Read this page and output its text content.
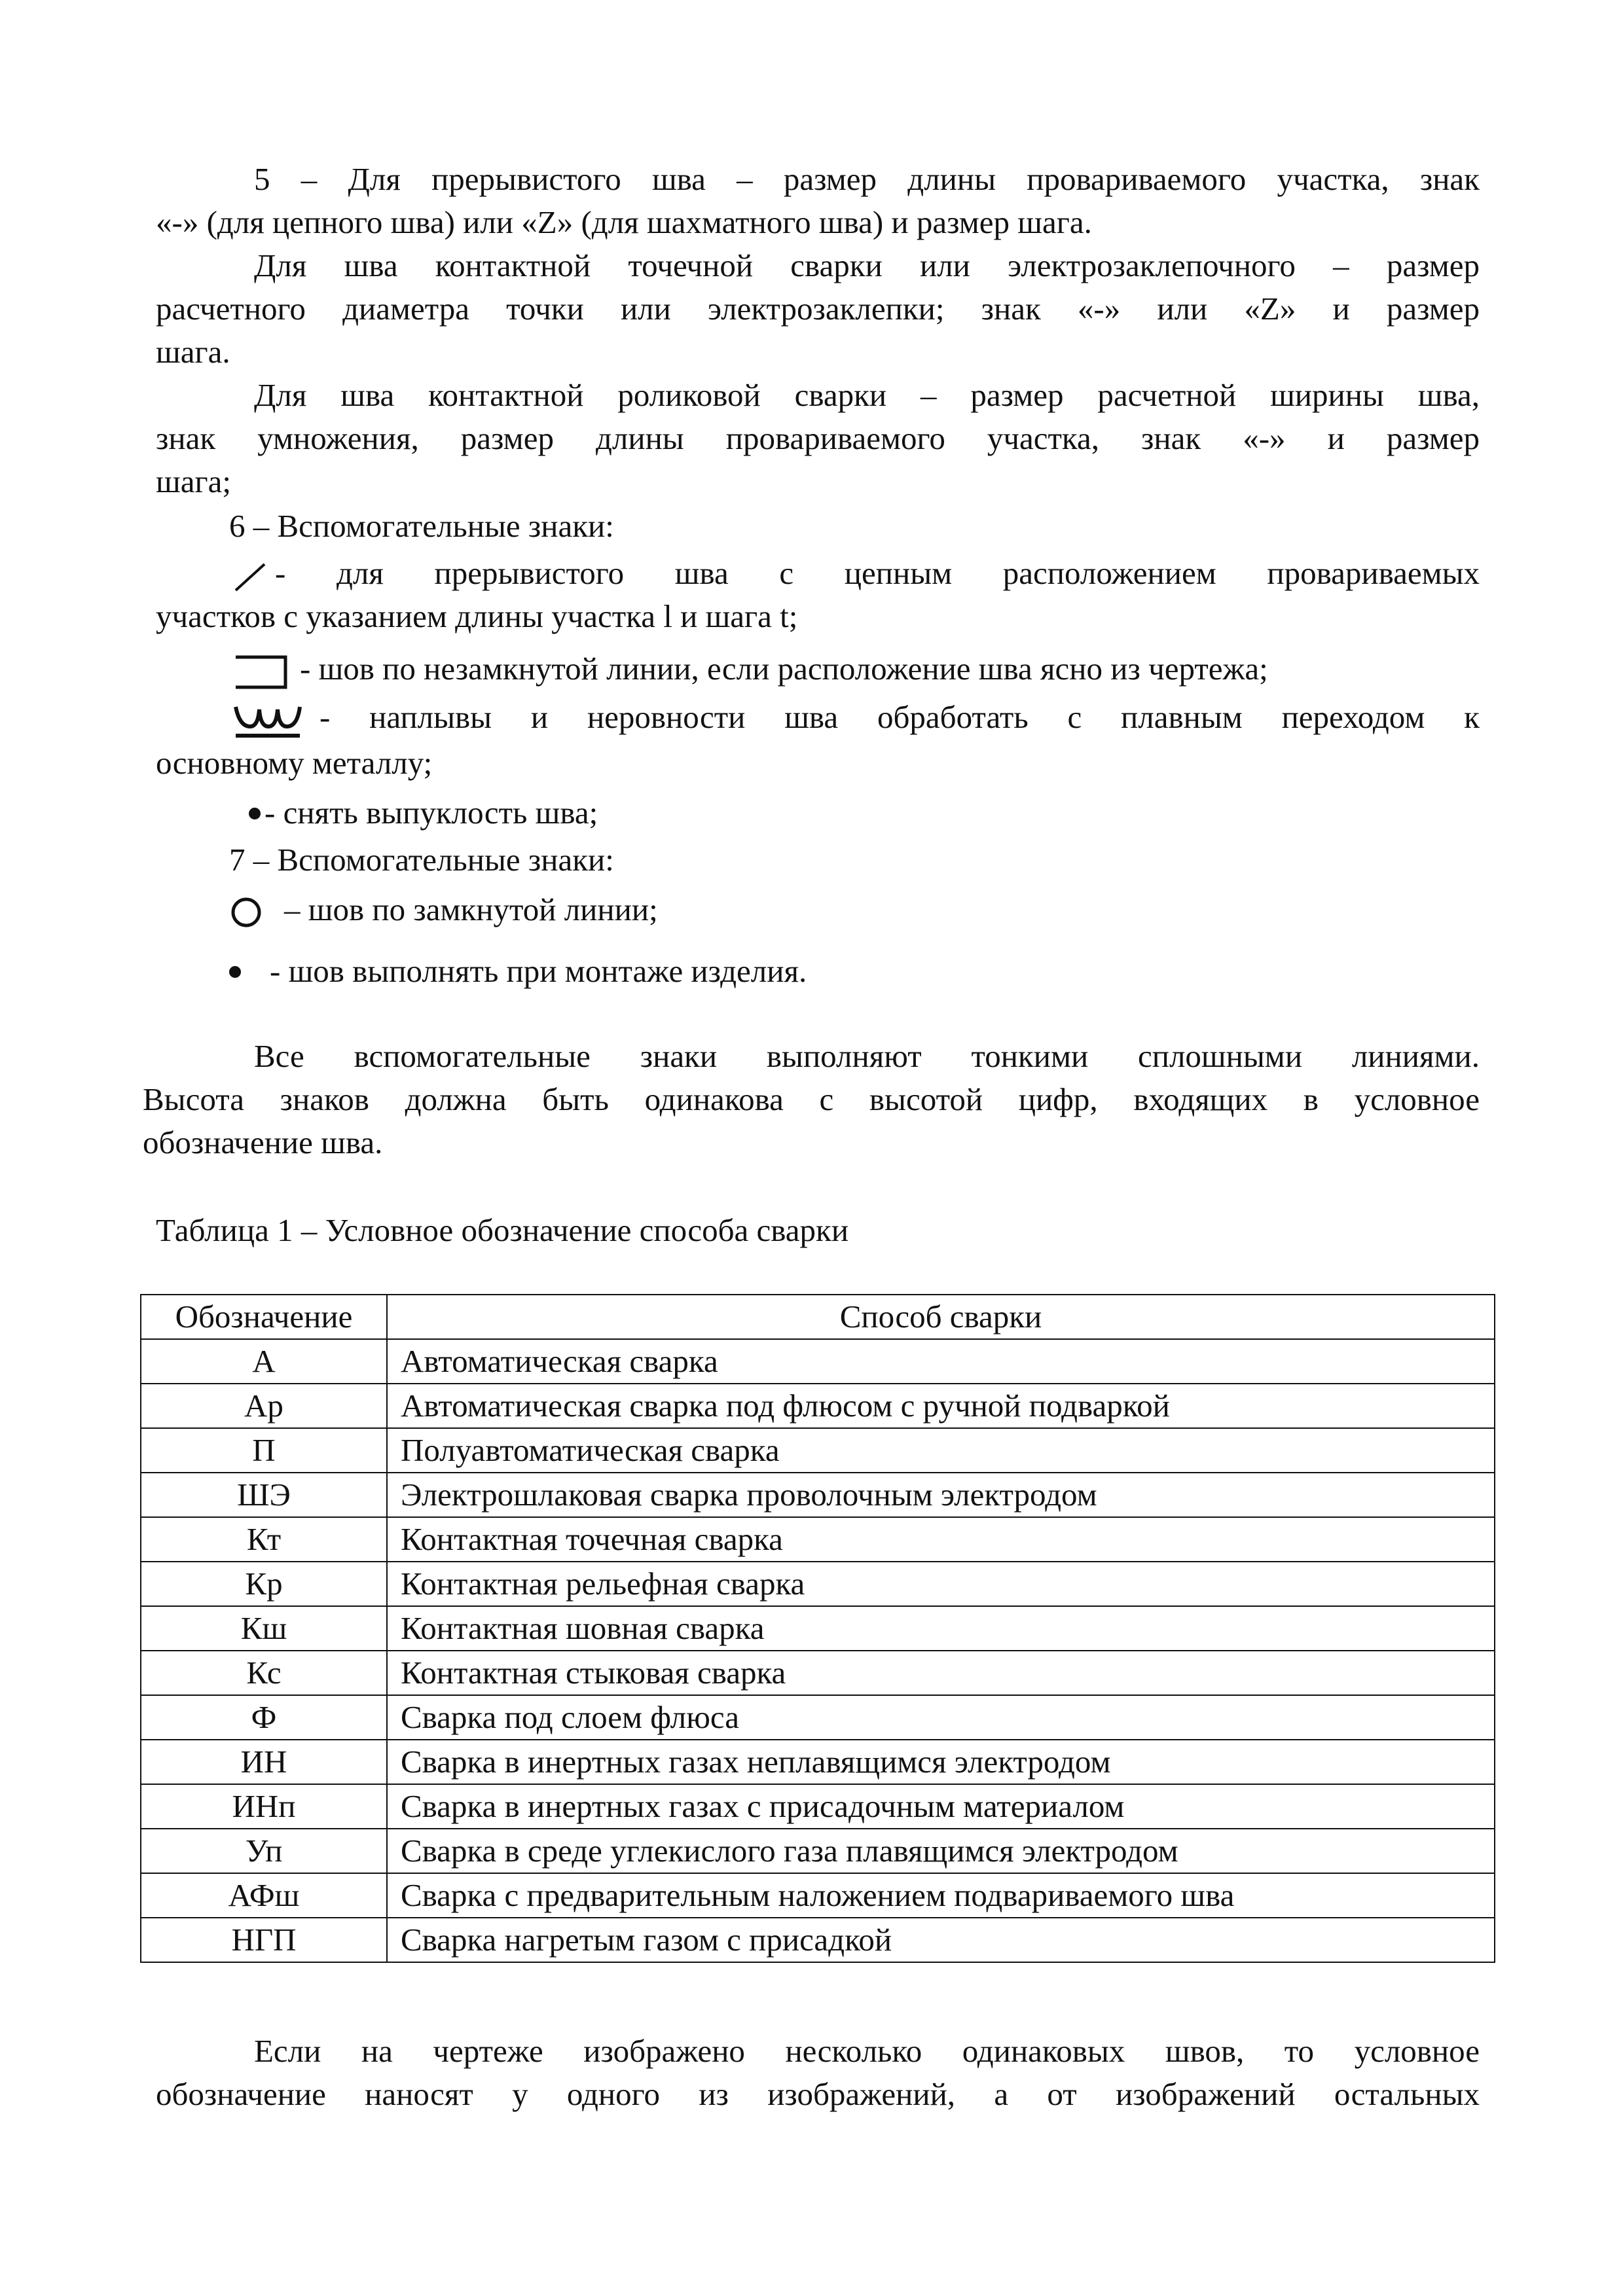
5 – Для прерывистого шва – размер длины провариваемого участка, знак
«-» (для цепного шва) или «Z» (для шахматного шва) и размер шага.
Для шва контактной точечной сварки или электрозаклепочного – размер
расчетного диаметра точки или электрозаклепки; знак «-» или «Z» и размер
шага.
Для шва контактной роликовой сварки – размер расчетной ширины шва,
знак умножения, размер длины провариваемого участка, знак «-» и размер
шага;
6 – Вспомогательные знаки:
- для прерывистого шва с цепным расположением провариваемых
участков с указанием длины участка l и шага t;
- шов по незамкнутой линии, если расположение шва ясно из чертежа;
- наплывы и неровности шва обработать с плавным переходом к
основному металлу;
- снять выпуклость шва;
7 – Вспомогательные знаки:
– шов по замкнутой линии;
- шов выполнять при монтаже изделия.
Все вспомогательные знаки выполняют тонкими сплошными линиями.
Высота знаков должна быть одинакова с высотой цифр, входящих в условное
обозначение шва.
Таблица 1 – Условное обозначение способа сварки
Обозначение	Способ сварки
А	Автоматическая сварка
Ар	Автоматическая сварка под флюсом с ручной подваркой
П	Полуавтоматическая сварка
ШЭ	Электрошлаковая сварка проволочным электродом
Кт	Контактная точечная сварка
Кр	Контактная рельефная сварка
Кш	Контактная шовная сварка
Кс	Контактная стыковая сварка
Ф	Сварка под слоем флюса
ИН	Сварка в инертных газах неплавящимся электродом
ИНп	Сварка в инертных газах с присадочным материалом
Уп	Сварка в среде углекислого газа плавящимся электродом
АФш	Сварка с предварительным наложением подвариваемого шва
НГП	Сварка нагретым газом с присадкой
Если на чертеже изображено несколько одинаковых швов, то условное
обозначение наносят у одного из изображений, а от изображений остальных
